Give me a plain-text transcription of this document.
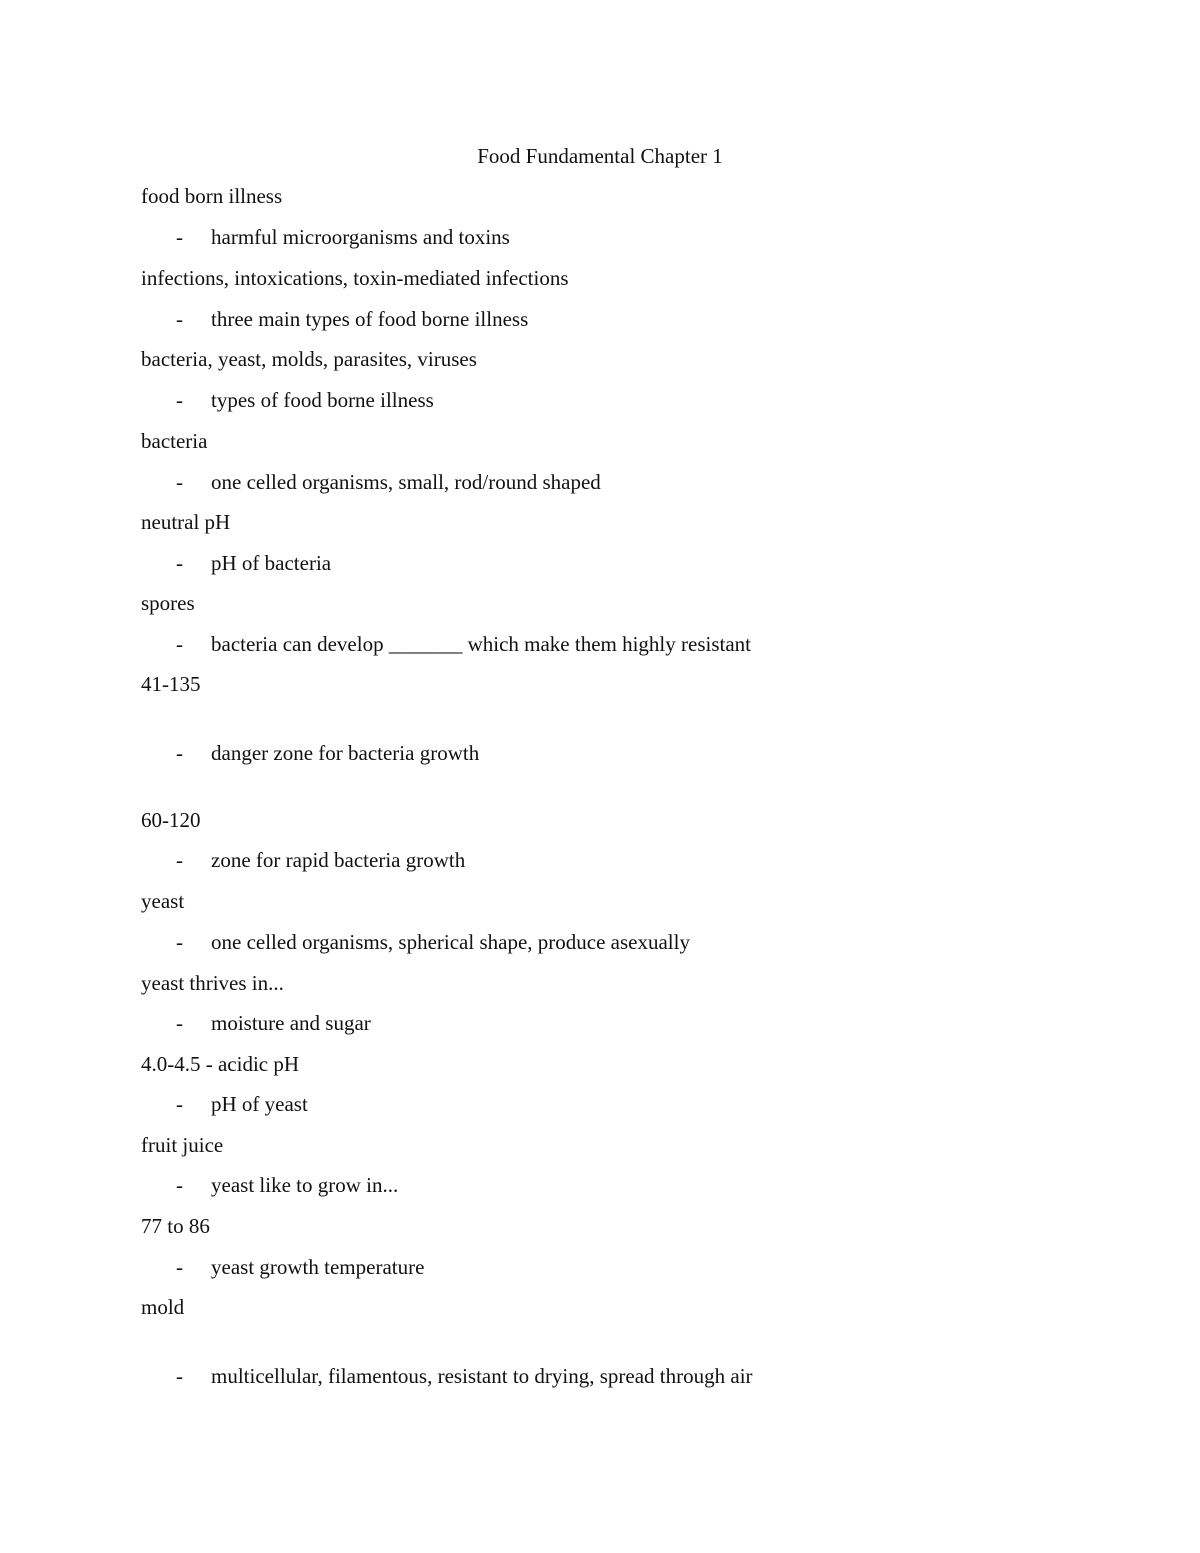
Food Fundamental Chapter 1
food born illness
- harmful microorganisms and toxins
infections, intoxications, toxin-mediated infections
- three main types of food borne illness
bacteria, yeast, molds, parasites, viruses
- types of food borne illness
bacteria
- one celled organisms, small, rod/round shaped
neutral pH
- pH of bacteria
spores
- bacteria can develop _______ which make them highly resistant
41-135
- danger zone for bacteria growth
60-120
- zone for rapid bacteria growth
yeast
- one celled organisms, spherical shape, produce asexually
yeast thrives in...
- moisture and sugar
4.0-4.5 - acidic pH
- pH of yeast
fruit juice
- yeast like to grow in...
77 to 86
- yeast growth temperature
mold
- multicellular, filamentous, resistant to drying, spread through air
